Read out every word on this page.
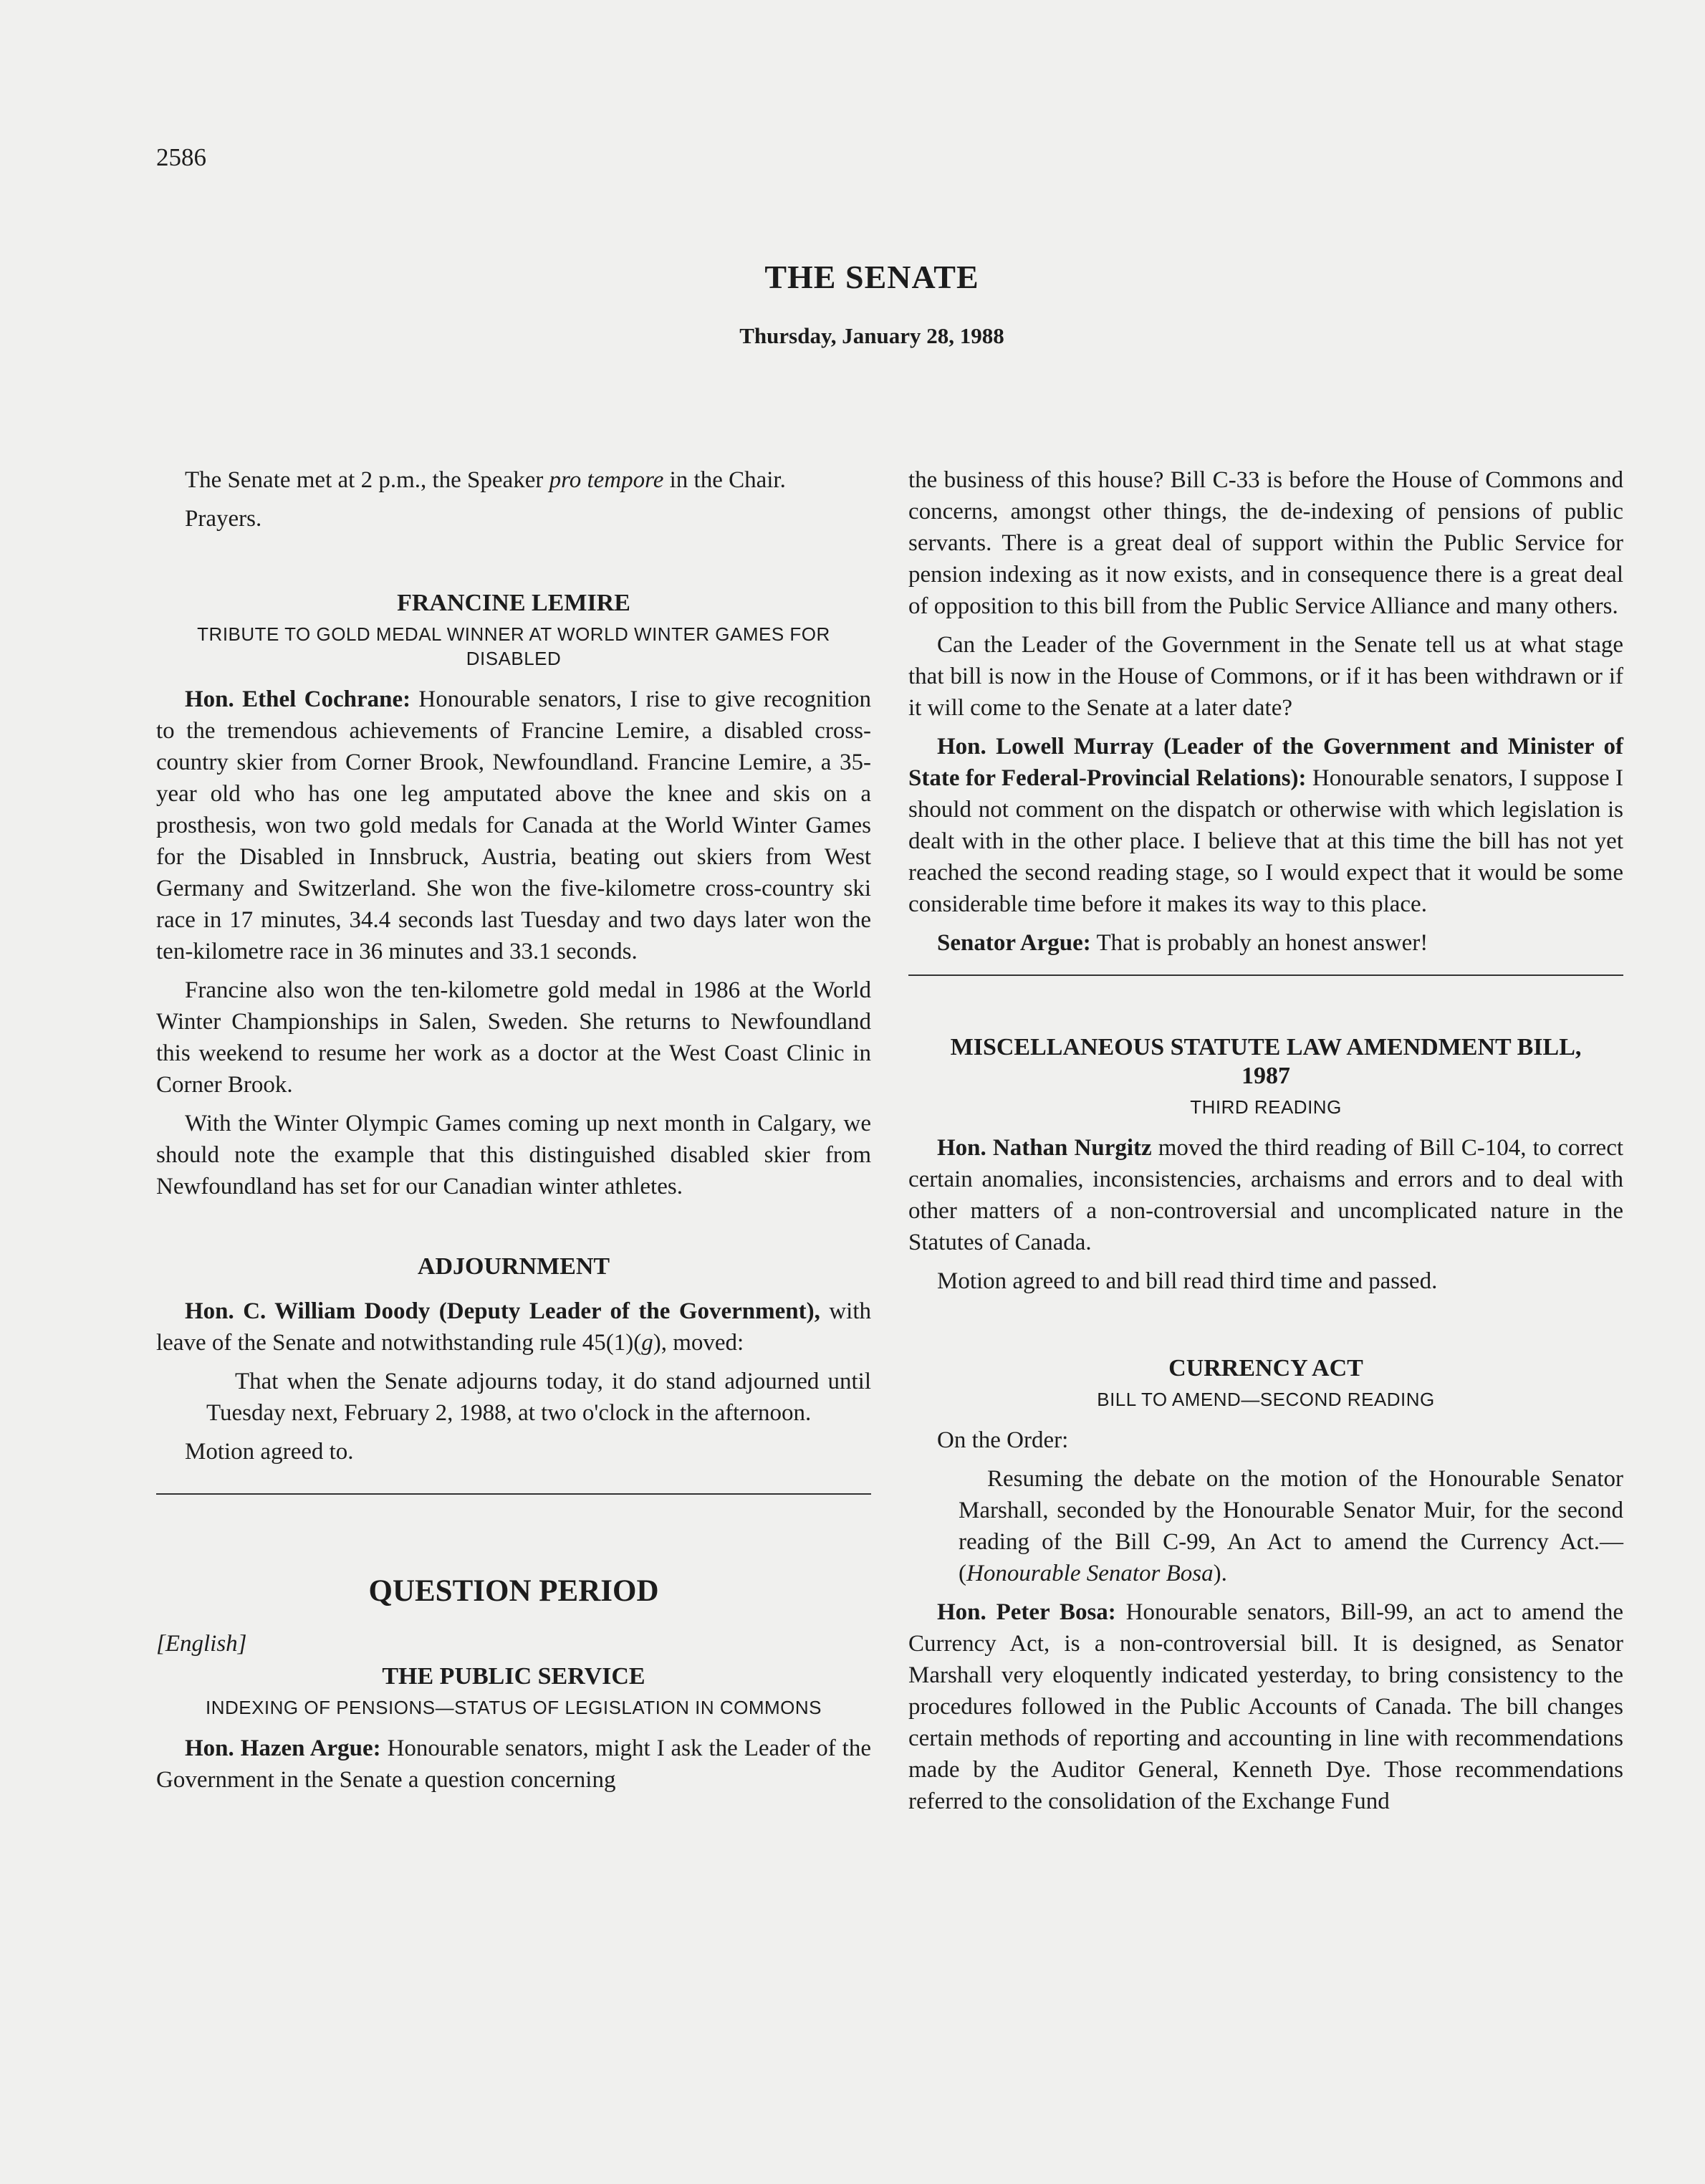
2586
THE SENATE
Thursday, January 28, 1988

The Senate met at 2 p.m., the Speaker pro tempore in the Chair.

Prayers.

FRANCINE LEMIRE
TRIBUTE TO GOLD MEDAL WINNER AT WORLD WINTER GAMES FOR DISABLED

Hon. Ethel Cochrane: Honourable senators, I rise to give recognition to the tremendous achievements of Francine Lemire, a disabled cross-country skier from Corner Brook, Newfoundland. Francine Lemire, a 35-year old who has one leg amputated above the knee and skis on a prosthesis, won two gold medals for Canada at the World Winter Games for the Disabled in Innsbruck, Austria, beating out skiers from West Germany and Switzerland. She won the five-kilometre cross-country ski race in 17 minutes, 34.4 seconds last Tuesday and two days later won the ten-kilometre race in 36 minutes and 33.1 seconds.

Francine also won the ten-kilometre gold medal in 1986 at the World Winter Championships in Salen, Sweden. She returns to Newfoundland this weekend to resume her work as a doctor at the West Coast Clinic in Corner Brook.

With the Winter Olympic Games coming up next month in Calgary, we should note the example that this distinguished disabled skier from Newfoundland has set for our Canadian winter athletes.

ADJOURNMENT

Hon. C. William Doody (Deputy Leader of the Government), with leave of the Senate and notwithstanding rule 45(1)(g), moved:

That when the Senate adjourns today, it do stand adjourned until Tuesday next, February 2, 1988, at two o'clock in the afternoon.

Motion agreed to.

QUESTION PERIOD
[English]
THE PUBLIC SERVICE
INDEXING OF PENSIONS—STATUS OF LEGISLATION IN COMMONS

Hon. Hazen Argue: Honourable senators, might I ask the Leader of the Government in the Senate a question concerning

the business of this house? Bill C-33 is before the House of Commons and concerns, amongst other things, the de-indexing of pensions of public servants. There is a great deal of support within the Public Service for pension indexing as it now exists, and in consequence there is a great deal of opposition to this bill from the Public Service Alliance and many others.

Can the Leader of the Government in the Senate tell us at what stage that bill is now in the House of Commons, or if it has been withdrawn or if it will come to the Senate at a later date?

Hon. Lowell Murray (Leader of the Government and Minister of State for Federal-Provincial Relations): Honourable senators, I suppose I should not comment on the dispatch or otherwise with which legislation is dealt with in the other place. I believe that at this time the bill has not yet reached the second reading stage, so I would expect that it would be some considerable time before it makes its way to this place.

Senator Argue: That is probably an honest answer!

MISCELLANEOUS STATUTE LAW AMENDMENT BILL, 1987
THIRD READING

Hon. Nathan Nurgitz moved the third reading of Bill C-104, to correct certain anomalies, inconsistencies, archaisms and errors and to deal with other matters of a non-controversial and uncomplicated nature in the Statutes of Canada.

Motion agreed to and bill read third time and passed.

CURRENCY ACT
BILL TO AMEND—SECOND READING

On the Order:

Resuming the debate on the motion of the Honourable Senator Marshall, seconded by the Honourable Senator Muir, for the second reading of the Bill C-99, An Act to amend the Currency Act.—(Honourable Senator Bosa).

Hon. Peter Bosa: Honourable senators, Bill-99, an act to amend the Currency Act, is a non-controversial bill. It is designed, as Senator Marshall very eloquently indicated yesterday, to bring consistency to the procedures followed in the Public Accounts of Canada. The bill changes certain methods of reporting and accounting in line with recommendations made by the Auditor General, Kenneth Dye. Those recommendations referred to the consolidation of the Exchange Fund
